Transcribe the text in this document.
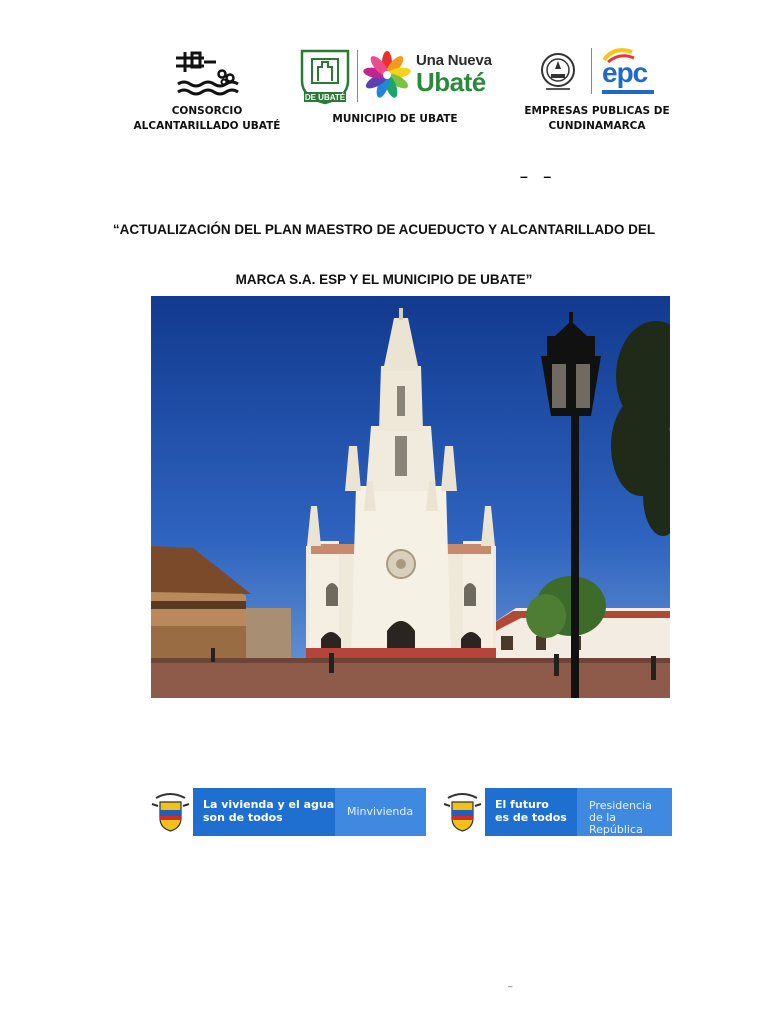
CONSORCIO
ALCANTARILLADO UBATÉ
DE UBATÉ
Una Nueva
Ubaté
MUNICIPIO DE UBATE
epc
EMPRESAS PUBLICAS DE
CUNDINAMARCA
–    –
“ACTUALIZACIÓN DEL PLAN MAESTRO DE ACUEDUCTO Y ALCANTARILLADO DEL
MARCA S.A. ESP Y EL MUNICIPIO DE UBATE”
La vivienda y el agua
son de todos	Minvivienda
El futuro
es de todos
Presidencia
de la República
–
